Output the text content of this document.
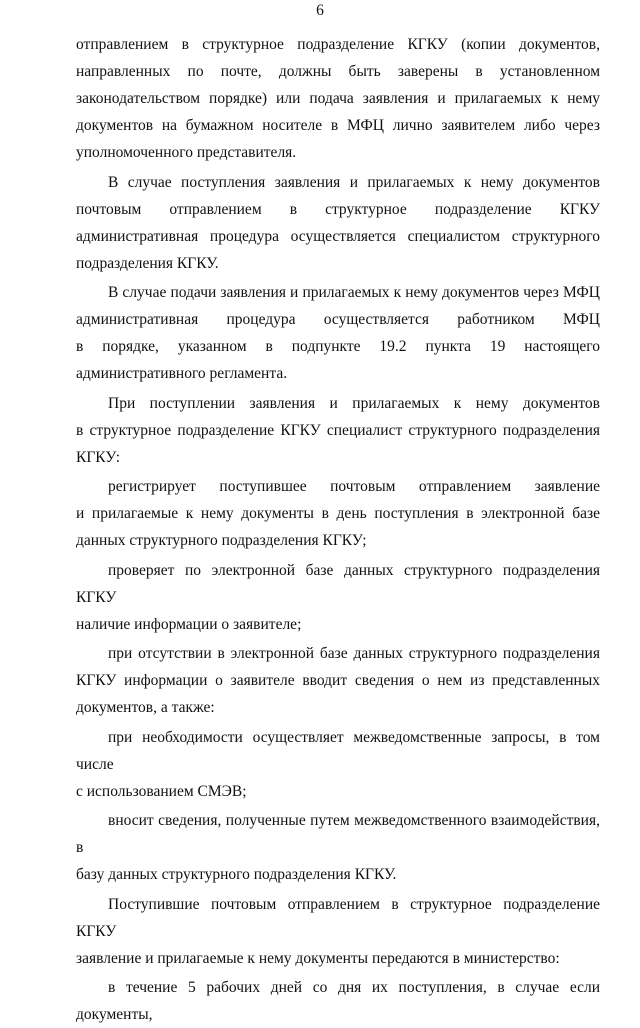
6

отправлением в структурное подразделение КГКУ (копии документов,
направленных по почте, должны быть заверены в установленном
законодательством порядке) или подача заявления и прилагаемых к нему
документов на бумажном носителе в МФЦ лично заявителем либо через
уполномоченного представителя.

В случае поступления заявления и прилагаемых к нему документов
почтовым отправлением в структурное подразделение КГКУ
административная процедура осуществляется специалистом структурного
подразделения КГКУ.

В случае подачи заявления и прилагаемых к нему документов через МФЦ
административная процедура осуществляется работником МФЦ
в порядке, указанном в подпункте 19.2 пункта 19 настоящего
административного регламента.

При поступлении заявления и прилагаемых к нему документов
в структурное подразделение КГКУ специалист структурного подразделения
КГКУ:

регистрирует поступившее почтовым отправлением заявление
и прилагаемые к нему документы в день поступления в электронной базе
данных структурного подразделения КГКУ;

проверяет по электронной базе данных структурного подразделения КГКУ
наличие информации о заявителе;

при отсутствии в электронной базе данных структурного подразделения
КГКУ информации о заявителе вводит сведения о нем из представленных
документов, а также:

при необходимости осуществляет межведомственные запросы, в том числе
с использованием СМЭВ;

вносит сведения, полученные путем межведомственного взаимодействия, в
базу данных структурного подразделения КГКУ.

Поступившие почтовым отправлением в структурное подразделение КГКУ
заявление и прилагаемые к нему документы передаются в министерство:

в течение 5 рабочих дней со дня их поступления, в случае если документы,
